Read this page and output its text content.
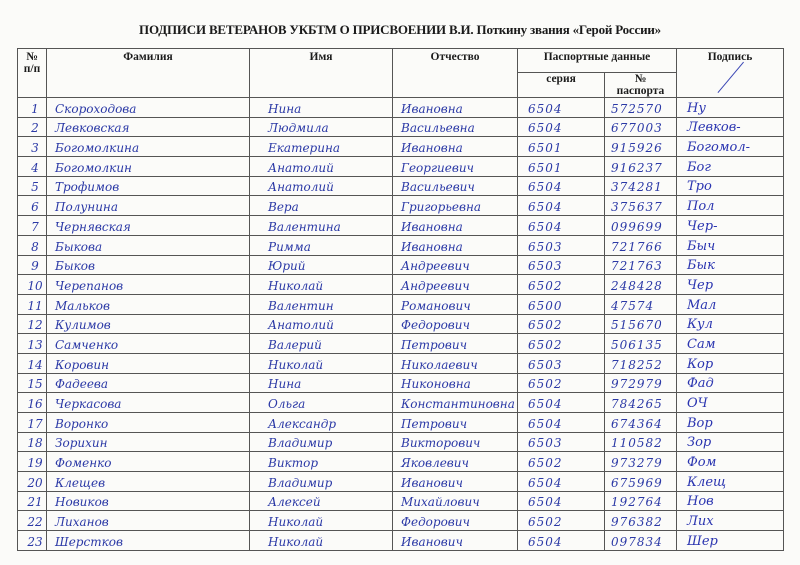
ПОДПИСИ ВЕТЕРАНОВ УКБТМ О ПРИСВОЕНИИ В.И. Поткину звания «Герой России»
№
п/п	Фамилия	Имя	Отчество	Паспортные данные		Подпись
				серия	№
паспорта	

1	Скороходова	Нина	Ивановна	6504	572570	Ну
2	Левковская	Людмила	Васильевна	6504	677003	Левков-
3	Богомолкина	Екатерина	Ивановна	6501	915926	Богомол-
4	Богомолкин	Анатолий	Георгиевич	6501	916237	Бог
5	Трофимов	Анатолий	Васильевич	6504	374281	Тро
6	Полунина	Вера	Григорьевна	6504	375637	Пол
7	Чернявская	Валентина	Ивановна	6504	099699	Чер-
8	Быкова	Римма	Ивановна	6503	721766	Быч
9	Быков	Юрий	Андреевич	6503	721763	Бык
10	Черепанов	Николай	Андреевич	6502	248428	Чер
11	Мальков	Валентин	Романович	6500	47574	Мал
12	Кулимов	Анатолий	Федорович	6502	515670	Кул
13	Самченко	Валерий	Петрович	6502	506135	Сам
14	Коровин	Николай	Николаевич	6503	718252	Кор
15	Фадеева	Нина	Никоновна	6502	972979	Фад
16	Черкасова	Ольга	Константиновна	6504	784265	ОЧ
17	Воронко	Александр	Петрович	6504	674364	Вор
18	Зорихин	Владимир	Викторович	6503	110582	Зор
19	Фоменко	Виктор	Яковлевич	6502	973279	Фом
20	Клещев	Владимир	Иванович	6504	675969	Клещ
21	Новиков	Алексей	Михайлович	6504	192764	Нов
22	Лиханов	Николай	Федорович	6502	976382	Лих
23	Шерстков	Николай	Иванович	6504	097834	Шер
